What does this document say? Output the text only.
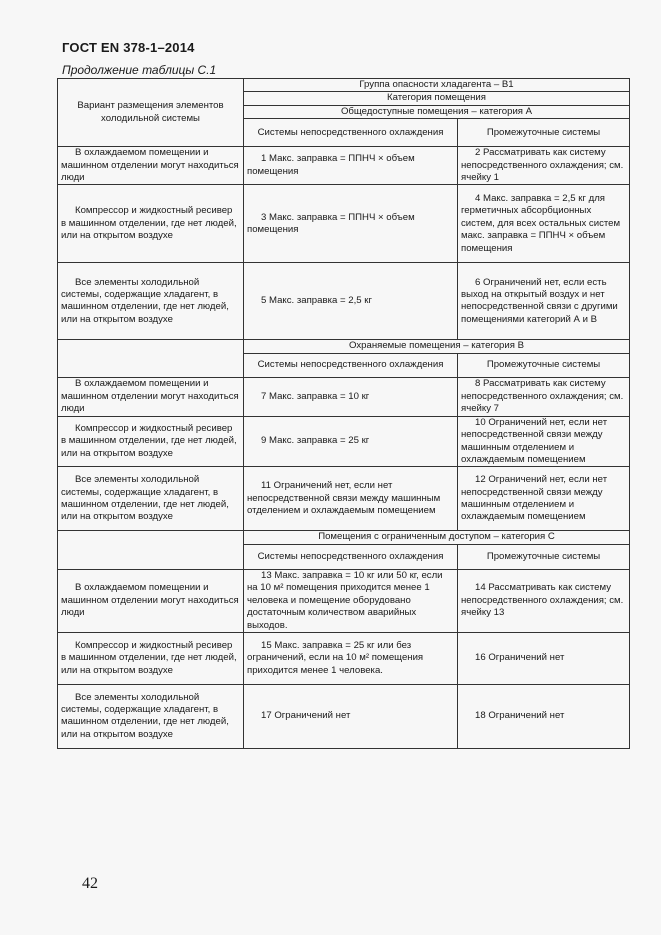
ГОСТ EN 378-1–2014
Продолжение таблицы С.1
Вариант размещения элементов холодильной системы	Группа опасности хладагента – B1	
	Категория помещения	
	Общедоступные помещения – категория А	
	Системы непосредственного охлаждения	Промежуточные системы
В охлаждаемом помещении и машинном отделении могут находиться люди	1 Макс. заправка = ППНЧ × объем помещения	2 Рассматривать как систему непосредственного охлаждения; см. ячейку 1
Компрессор и жидкостный ресивер в машинном отделении, где нет людей, или на открытом воздухе	3 Макс. заправка = ППНЧ × объем помещения	4 Макс. заправка = 2,5 кг для герметичных абсорбционных систем, для всех остальных систем макс. заправка = ППНЧ × объем помещения
Все элементы холодильной системы, содержащие хладагент, в машинном отделении, где нет людей, или на открытом воздухе	5 Макс. заправка = 2,5 кг	6 Ограничений нет, если есть выход на открытый воздух и нет непосредственной связи с другими помещениями категорий А и В
	Охраняемые помещения – категория В	
	Системы непосредственного охлаждения	Промежуточные системы
В охлаждаемом помещении и машинном отделении могут находиться люди	7 Макс. заправка = 10 кг	8 Рассматривать как систему непосредственного охлаждения; см. ячейку 7
Компрессор и жидкостный ресивер в машинном отделении, где нет людей, или на открытом воздухе	9 Макс. заправка = 25 кг	10 Ограничений нет, если нет непосредственной связи между машинным отделением и охлаждаемым помещением
Все элементы холодильной системы, содержащие хладагент, в машинном отделении, где нет людей, или на открытом воздухе	11 Ограничений нет, если нет непосредственной связи между машинным отделением и охлаждаемым помещением	12 Ограничений нет, если нет непосредственной связи между машинным отделением и охлаждаемым помещением
	Помещения с ограниченным доступом – категория С	
	Системы непосредственного охлаждения	Промежуточные системы
В охлаждаемом помещении и машинном отделении могут находиться люди	13 Макс. заправка = 10 кг или 50 кг, если на 10 м² помещения приходится менее 1 человека и помещение оборудовано достаточным количеством аварийных выходов.	14 Рассматривать как систему непосредственного охлаждения; см. ячейку 13
Компрессор и жидкостный ресивер в машинном отделении, где нет людей, или на открытом воздухе	15 Макс. заправка = 25 кг или без ограничений, если на 10 м² помещения приходится менее 1 человека.	16 Ограничений нет
Все элементы холодильной системы, содержащие хладагент, в машинном отделении, где нет людей, или на открытом воздухе	17 Ограничений нет	18 Ограничений нет
42
